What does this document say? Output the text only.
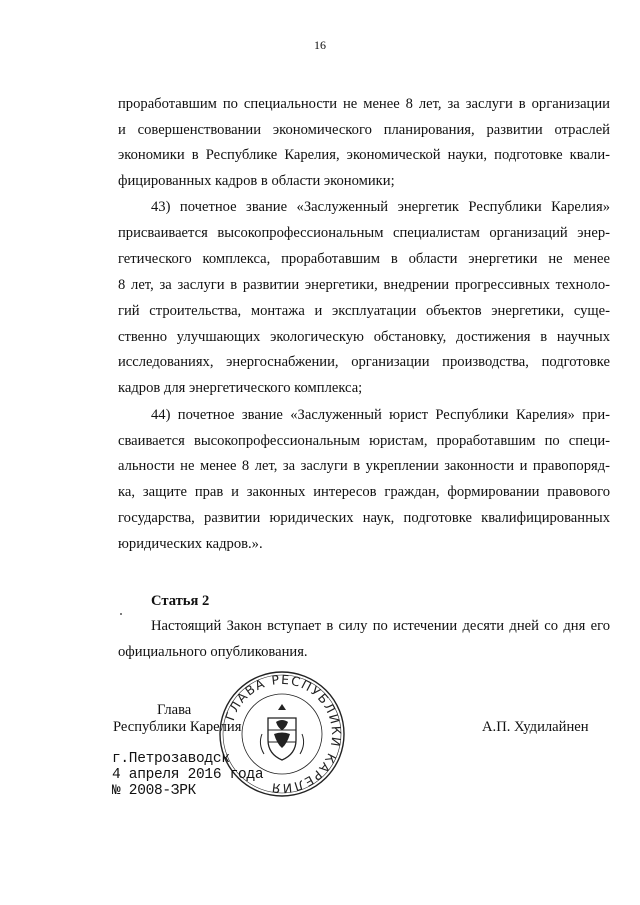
16
проработавшим по специальности не менее 8 лет, за заслуги в организации
и совершенствовании экономического планирования, развитии отраслей
экономики в Республике Карелия, экономической науки, подготовке квали-
фицированных кадров в области экономики;
43) почетное звание «Заслуженный энергетик Республики Карелия»
присваивается высокопрофессиональным специалистам организаций энер-
гетического комплекса, проработавшим в области энергетики не менее
8 лет, за заслуги в развитии энергетики, внедрении прогрессивных техноло-
гий строительства, монтажа и эксплуатации объектов энергетики, суще-
ственно улучшающих экологическую обстановку, достижения в научных
исследованиях, энергоснабжении, организации производства, подготовке
кадров для энергетического комплекса;
44) почетное звание «Заслуженный юрист Республики Карелия» при-
сваивается высокопрофессиональным юристам, проработавшим по специ-
альности не менее 8 лет, за заслуги в укреплении законности и правопоряд-
ка, защите прав и законных интересов граждан, формировании правового
государства, развитии юридических наук, подготовке квалифицированных
юридических кадров.».
Статья 2
Настоящий Закон вступает в силу по истечении десяти дней со дня его
официального опубликования.
ГЛАВА РЕСПУБЛИКИ КАРЕЛИЯ
Глава
Республики Карелия	А.П. Худилайнен
г.Петрозаводск
4 апреля 2016 года
№ 2008-ЗРК
